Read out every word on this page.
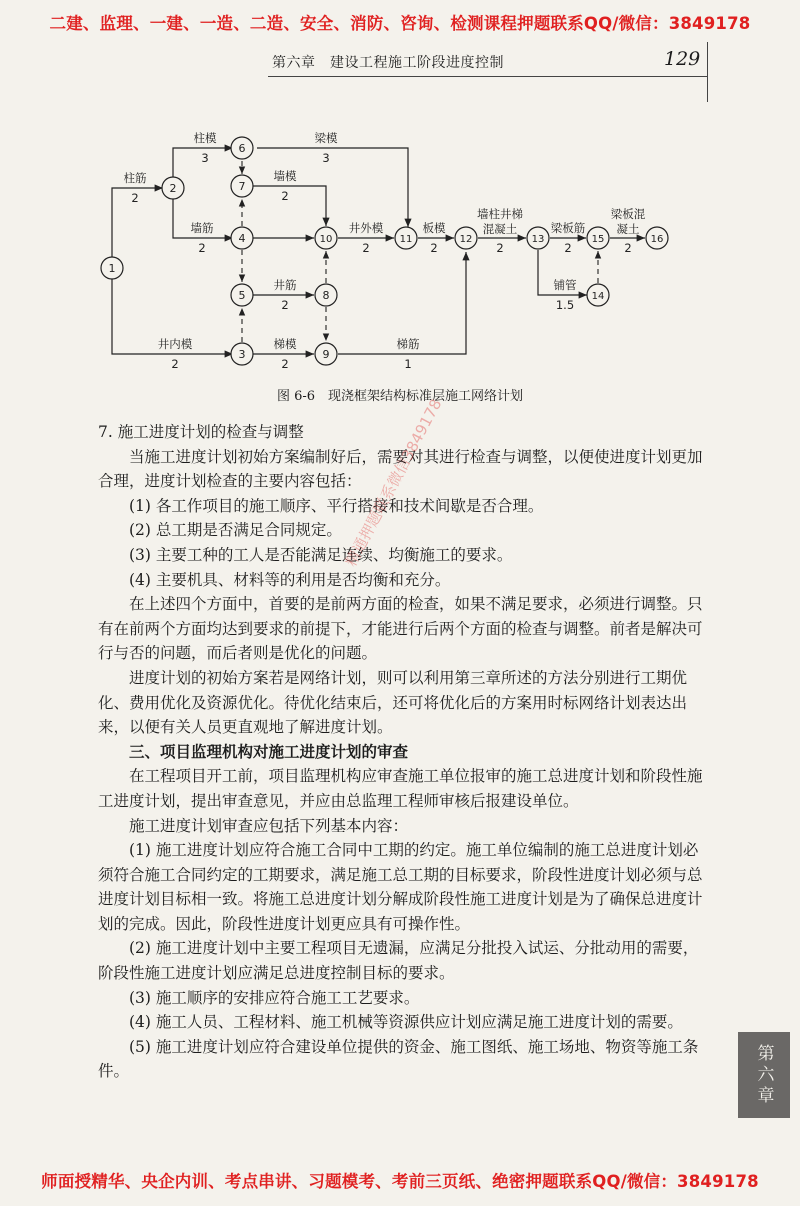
二建、监理、一建、一造、二造、安全、消防、咨询、检测课程押题联系QQ/微信：3849178
第六章　建设工程施工阶段进度控制	129
1
2
3
4
5
6
7
8
9
10	11	12	13
14
15	16
柱筋
2
柱模
3
梁模
3
墙模
2
墙筋
2
井外模
2
板模
2
墙柱井梯
混凝土
2
梁板筋
2
梁板混
凝土
2
铺管
1.5
井筋
2
井内模
2
梯模
2
梯筋
1
图 6-6　现浇框架结构标准层施工网络计划

7. 施工进度计划的检查与调整

当施工进度计划初始方案编制好后，需要对其进行检查与调整，以便使进度计划更加合理，进度计划检查的主要内容包括：

(1) 各工作项目的施工顺序、平行搭接和技术间歇是否合理。

(2) 总工期是否满足合同规定。

(3) 主要工种的工人是否能满足连续、均衡施工的要求。

(4) 主要机具、材料等的利用是否均衡和充分。

在上述四个方面中，首要的是前两方面的检查，如果不满足要求，必须进行调整。只有在前两个方面均达到要求的前提下，才能进行后两个方面的检查与调整。前者是解决可行与否的问题，而后者则是优化的问题。

进度计划的初始方案若是网络计划，则可以利用第三章所述的方法分别进行工期优化、费用优化及资源优化。待优化结束后，还可将优化后的方案用时标网络计划表达出来，以便有关人员更直观地了解进度计划。

三、项目监理机构对施工进度计划的审查

在工程项目开工前，项目监理机构应审查施工单位报审的施工总进度计划和阶段性施工进度计划，提出审查意见，并应由总监理工程师审核后报建设单位。

施工进度计划审查应包括下列基本内容：

(1) 施工进度计划应符合施工合同中工期的约定。施工单位编制的施工总进度计划必须符合施工合同约定的工期要求，满足施工总工期的目标要求，阶段性进度计划必须与总进度计划目标相一致。将施工总进度计划分解成阶段性施工进度计划是为了确保总进度计划的完成。因此，阶段性进度计划更应具有可操作性。

(2) 施工进度计划中主要工程项目无遗漏，应满足分批投入试运、分批动用的需要，阶段性施工进度计划应满足总进度控制目标的要求。

(3) 施工顺序的安排应符合施工工艺要求。

(4) 施工人员、工程材料、施工机械等资源供应计划应满足施工进度计划的需要。

(5) 施工进度计划应符合建设单位提供的资金、施工图纸、施工场地、物资等施工条件。

精通押题联系微信3849178
第六章
师面授精华、央企内训、考点串讲、习题模考、考前三页纸、绝密押题联系QQ/微信：3849178
